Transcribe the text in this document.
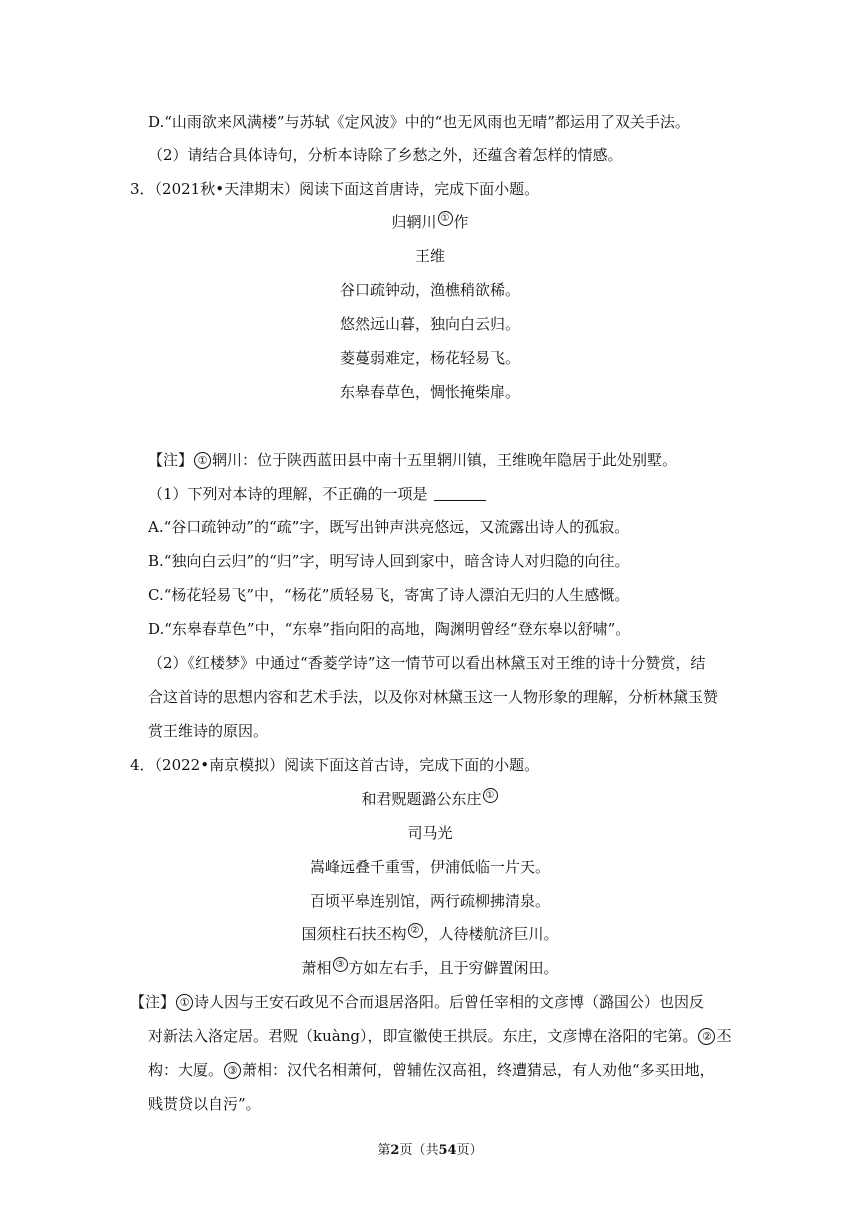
D.“山雨欲来风满楼”与苏轼《定风波》中的“也无风雨也无晴”都运用了双关手法。
（2）请结合具体诗句，分析本诗除了乡愁之外，还蕴含着怎样的情感。
3．（2021秋•天津期末）阅读下面这首唐诗，完成下面小题。
归辋川 ① 作
王维
谷口疏钟动，渔樵稍欲稀。
悠然远山暮，独向白云归。
菱蔓弱难定，杨花轻易飞。
东皋春草色，惆怅掩柴扉。
【注】 ① 辋川：位于陕西蓝田县中南十五里辋川镇，王维晚年隐居于此处别墅。
（1）下列对本诗的理解，不正确的一项是
A.“谷口疏钟动”的“疏”字，既写出钟声洪亮悠远，又流露出诗人的孤寂。
B.“独向白云归”的“归”字，明写诗人回到家中，暗含诗人对归隐的向往。
C.“杨花轻易飞”中，“杨花”质轻易飞，寄寓了诗人漂泊无归的人生感慨。
D.“东皋春草色”中，“东皋”指向阳的高地，陶渊明曾经“登东皋以舒啸”。
（2）《红楼梦》中通过“香菱学诗”这一情节可以看出林黛玉对王维的诗十分赞赏，结
合这首诗的思想内容和艺术手法，以及你对林黛玉这一人物形象的理解，分析林黛玉赞
赏王维诗的原因。
4．（2022•南京模拟）阅读下面这首古诗，完成下面的小题。
和君贶题潞公东庄 ①
司马光
嵩峰远叠千重雪，伊浦低临一片天。
百顷平皋连别馆，两行疏柳拂清泉。
国须柱石扶丕构 ② ，人待楼航济巨川。
萧相 ③ 方如左右手，且于穷僻置闲田。
【注】 ① 诗人因与王安石政见不合而退居洛阳。后曾任宰相的文彦博（潞国公）也因反
对新法入洛定居。君贶（kuàng），即宣徽使王拱辰。东庄，文彦博在洛阳的宅第。 ② 丕
构：大厦。 ③ 萧相：汉代名相萧何，曾辅佐汉高祖，终遭猜忌，有人劝他“多买田地，
贱贳贷以自污”。
第2页（共54页）
